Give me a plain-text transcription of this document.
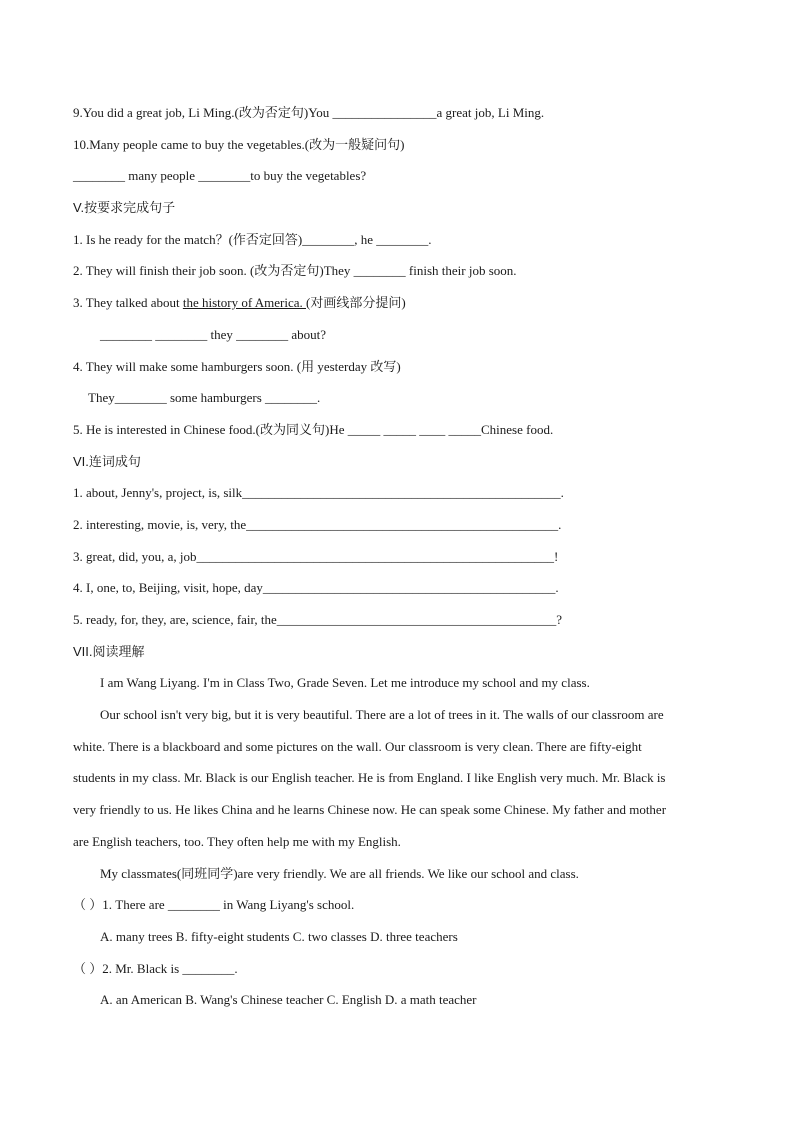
9.You did a great job, Li Ming.(改为否定句)You ________________a great job, Li Ming.
10.Many people came to buy the vegetables.(改为一般疑问句)
________ many people ________to buy the vegetables?
V.按要求完成句子
1. Is he ready for the match？(作否定回答)________, he ________.
2. They will finish their job soon. (改为否定句)They ________ finish their job soon.
3. They talked about the history of America. (对画线部分提问)
________ ________ they ________ about?
4. They will make some hamburgers soon. (用 yesterday 改写)
They________ some hamburgers ________.
5. He is interested in Chinese food.(改为同义句)He _____ _____ ____ _____Chinese food.
VI.连词成句
1. about, Jenny's, project, is, silk_________________________________________________.
2. interesting, movie, is, very, the________________________________________________.
3. great, did, you, a, job_______________________________________________________!
4. I, one, to, Beijing, visit, hope, day_____________________________________________.
5. ready, for, they, are, science, fair, the___________________________________________?
VII.阅读理解
I am Wang Liyang. I'm in Class Two, Grade Seven. Let me introduce my school and my class.
Our school isn't very big, but it is very beautiful. There are a lot of trees in it. The walls of our classroom are
white. There is a blackboard and some pictures on the wall. Our classroom is very clean. There are fifty-eight
students in my class. Mr. Black is our English teacher. He is from England. I like English very much. Mr. Black is
very friendly to us. He likes China and he learns Chinese now. He can speak some Chinese. My father and mother
are English teachers, too. They often help me with my English.
My classmates(同班同学)are very friendly. We are all friends. We like our school and class.
（ ）1. There are ________ in Wang Liyang's school.
A. many trees B. fifty-eight students C. two classes D. three teachers
（ ）2. Mr. Black is ________.
A. an American B. Wang's Chinese teacher C. English D. a math teacher
